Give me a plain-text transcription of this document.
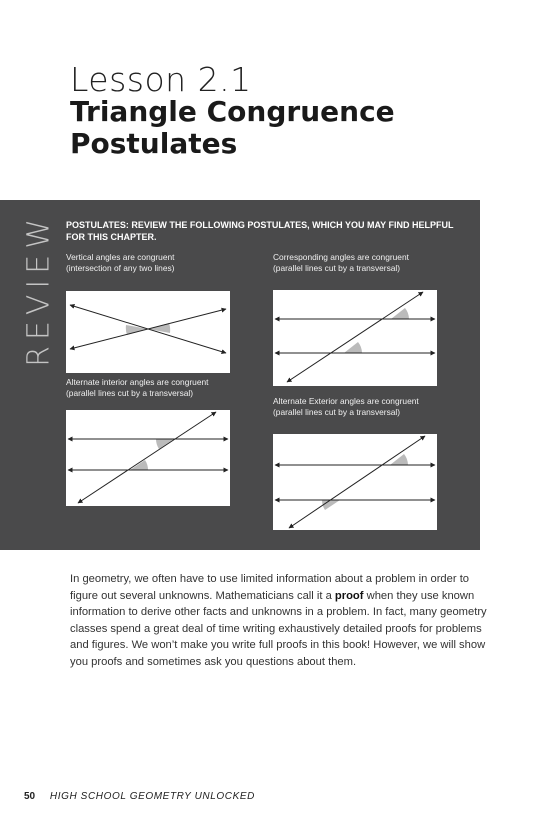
Lesson 2.1
Triangle Congruence
Postulates
REVIEW POSTULATES: REVIEW THE FOLLOWING POSTULATES, WHICH YOU MAY FIND HELPFUL FOR THIS CHAPTER.
Vertical angles are congruent
(intersection of any two lines)
Corresponding angles are congruent
(parallel lines cut by a transversal)
Alternate interior angles are congruent
(parallel lines cut by a transversal)
Alternate Exterior angles are congruent
(parallel lines cut by a transversal)
In geometry, we often have to use limited information about a problem in order to figure out several unknowns. Mathematicians call it a proof when they use known information to derive other facts and unknowns in a problem. In fact, many geometry classes spend a great deal of time writing exhaustively detailed proofs for problems and figures. We won’t make you write full proofs in this book! However, we will show you proofs and sometimes ask you questions about them.
50 HIGH SCHOOL GEOMETRY UNLOCKED
